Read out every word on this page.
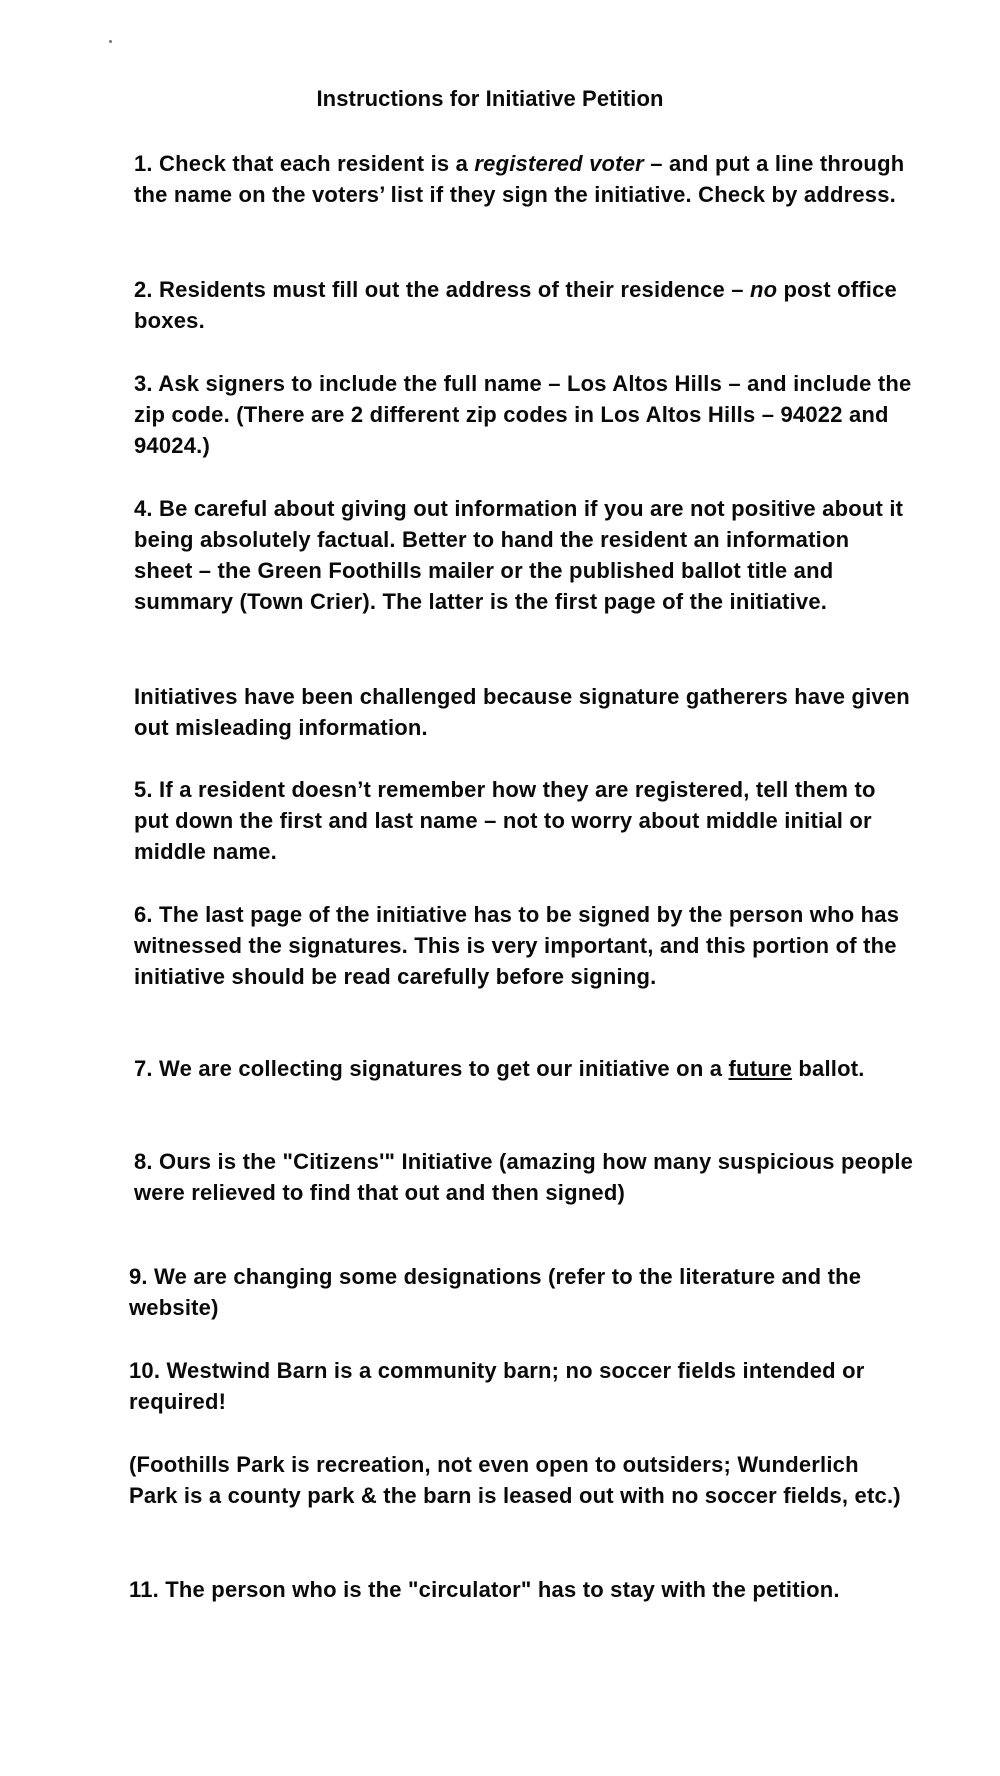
Instructions for Initiative Petition

1. Check that each resident is a registered voter – and put a line through the name on the voters’ list if they sign the initiative. Check by address.

2. Residents must fill out the address of their residence – no post office boxes.

3. Ask signers to include the full name – Los Altos Hills – and include the zip code. (There are 2 different zip codes in Los Altos Hills – 94022 and 94024.)

4. Be careful about giving out information if you are not positive about it being absolutely factual. Better to hand the resident an information sheet – the Green Foothills mailer or the published ballot title and summary (Town Crier). The latter is the first page of the initiative.

Initiatives have been challenged because signature gatherers have given out misleading information.

5. If a resident doesn’t remember how they are registered, tell them to put down the first and last name – not to worry about middle initial or middle name.

6. The last page of the initiative has to be signed by the person who has witnessed the signatures. This is very important, and this portion of the initiative should be read carefully before signing.

7. We are collecting signatures to get our initiative on a future ballot.

8. Ours is the "Citizens'" Initiative (amazing how many suspicious people were relieved to find that out and then signed)

9. We are changing some designations (refer to the literature and the website)

10. Westwind Barn is a community barn; no soccer fields intended or required!

(Foothills Park is recreation, not even open to outsiders; Wunderlich Park is a county park & the barn is leased out with no soccer fields, etc.)

11. The person who is the "circulator" has to stay with the petition.
